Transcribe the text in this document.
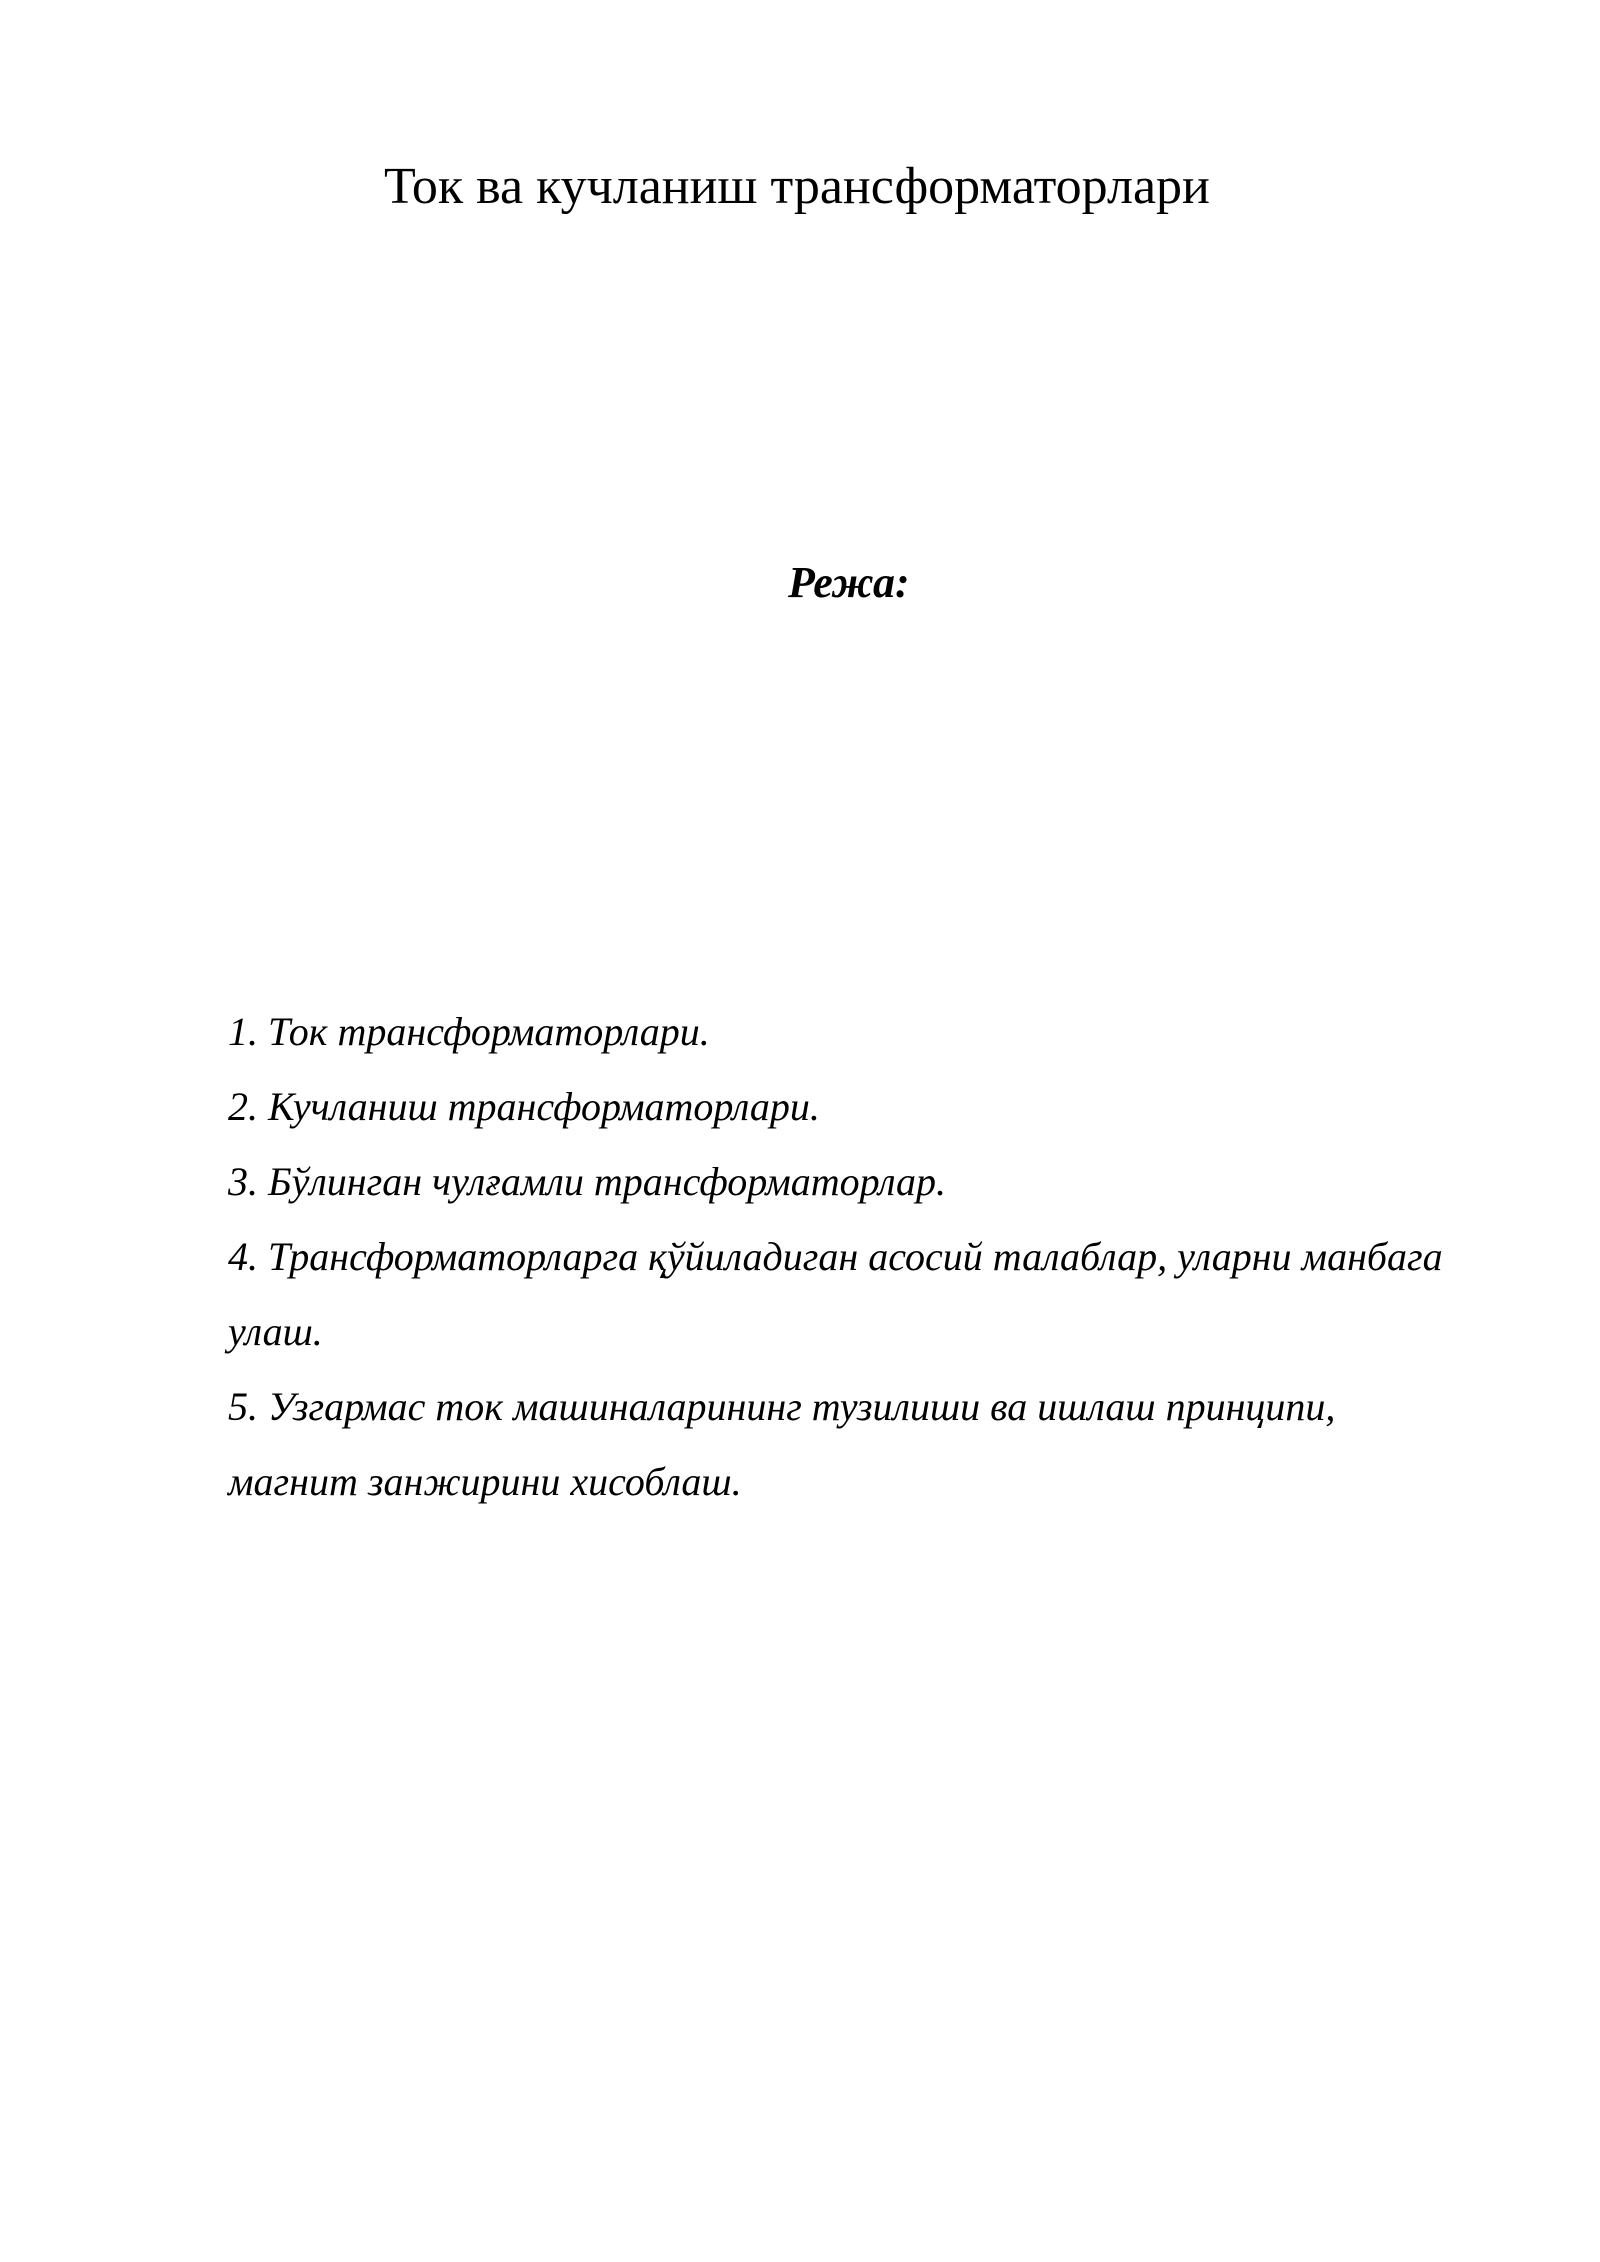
Ток ва кучланиш трансформаторлари
Режа:
1. Ток трансформаторлари.
2. Кучланиш трансформаторлари.
3. Бўлинган чулғамли трансформаторлар.
4. Трансформаторларга қўйиладиган асосий талаблар, уларни манбага улаш.
5. Узгармас ток машиналарининг тузилиши ва ишлаш принципи, магнит занжирини хисоблаш.
